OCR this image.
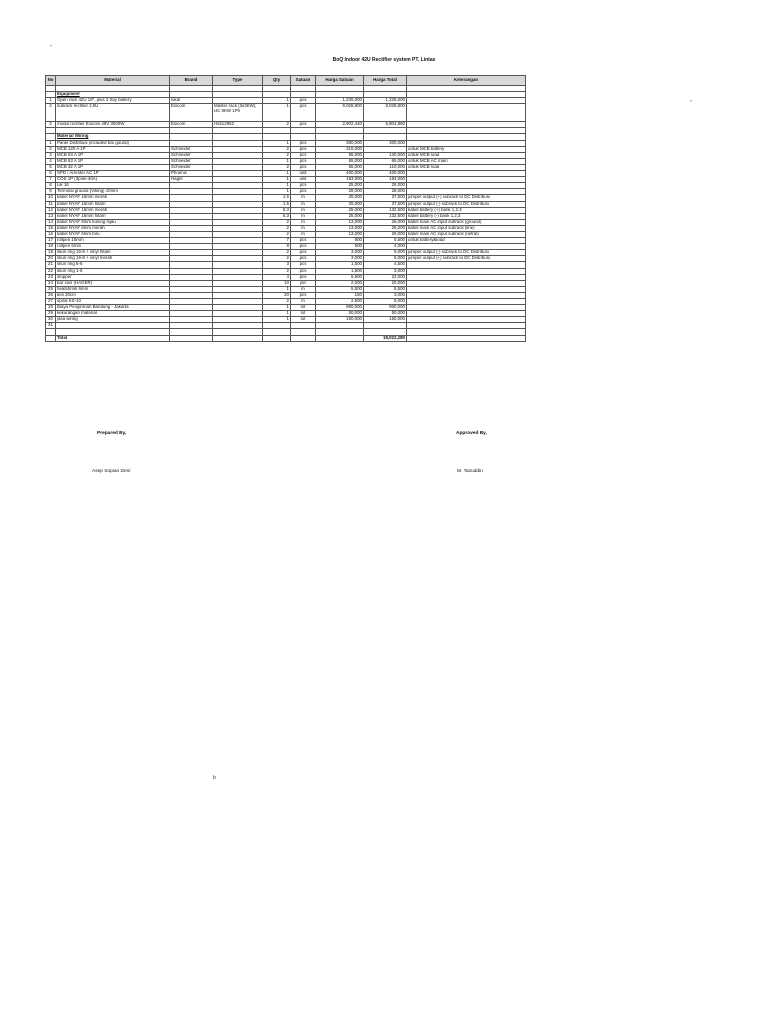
"
"
b
BoQ Indoor 42U Rectifier system PT. Lintas
No	Material	Brand	Type	Qty	Satuan	Harga Satuan	Harga Total	Keterangan

	Equipment							
1	Open rack 42U 19", plus 3 tray battery	lokal		1	pcs	1,235,000	1,235,000	
2	subrack rectifier 2,5U	Exicom	Master rack (3x3KW), UC 9KW 1Ph	1	pcs	9,028,800	9,028,800	
3	modul rectifier Exicom 48V 3000W	Exicom	Hx512862	2	pcs	2,902,440	5,804,880	

	Material Wiring							
1	Panel Distribusi (included bar gound)			1	pcs	300,000	300,000	
2	MCB 120 A 1P	Schneider		2	pcs	315,000		untuk MCB battery
3	MCB 63 A 1P	Schneider		2	pcs	65,000	130,000	untuk MCB load
4	MCB 63 A 1P	Schneider		1	pcs	65,000	65,000	untuk MCB AC main
5	MCB 32 A 1P	Schneider		2	pcs	55,000	110,000	untuk MCB load
6	SPD / Arrester AC 1P	Phoenix		1	unit	400,000	400,000	
7	COS 1P (3pole-40A)	Hager		1	unit	193,000	193,000	
8	Lik 16			1	pcs	25,000	25,000	
9	Terminal ground (Viking) 10mm			1	pcs	28,000	28,000	
10	kabel NYAF 16mm merah			1.5	m	25,000	37,500	jumper output (+) subrack to DC Distribusi
11	kabel NYAF 16mm hitam			1.5	m	25,000	37,500	jumper output (-) subrack to DC Distribusi
12	kabel NYAF 16mm merah			5.3	m	25,000	132,500	kabel battery (+) bank 1,2,3
13	kabel NYAF 16mm hitam			5.3	m	25,000	132,500	kabel battery (-) bank 1,2,3
14	kabel NYAF 6mm kuning hijau			2	m	13,000	26,000	kabel main AC input subrack (ground)
15	kabel NYAF 6mm merah			2	m	13,000	26,000	kabel main AC input subrack (line)
16	kabel NYAF 6mm biru			2	m	13,000	26,000	kabel main AC input subrack (netral)
17	rollpen 16mm			7	pcs	800	5,600	untuk battery&load
18	rollpen 6mm			8	pcs	500	4,000	
19	skun ring 16-8 + vinyl hitam			2	pcs	3,000	6,000	jumper output (-) subrack to DC Distribusi
20	skun ring 16-8 + vinyl merah			2	pcs	3,000	6,000	jumper output (+) subrack to DC Distribusi
21	skun ring 6-6			3	pcs	1,500	4,500	
22	skun ring 1-6			2	pcs	1,500	3,000	
23	stopper			4	pcs	5,500	22,000	
24	bar sisir (HAGER)			10	pin	2,000	20,000	
25	heatshrink 6mm			1	m	5,500	5,500	
26	ties 20cm			20	pcs	150	3,000	
27	spiral KS-10			2	m	2,500	5,000	
28	Biaya Pengiriman Bandung - Jakarta			1	lot	900,000	900,000	
29	kekurangan material			1	lot	50,000	50,000	
30	jasa wiring			1	lot	150,000	150,000	
31								

	Total						18,022,280	
Prepared By,	Approved By,
Asep Sopian Deni	M. Tazuddin
